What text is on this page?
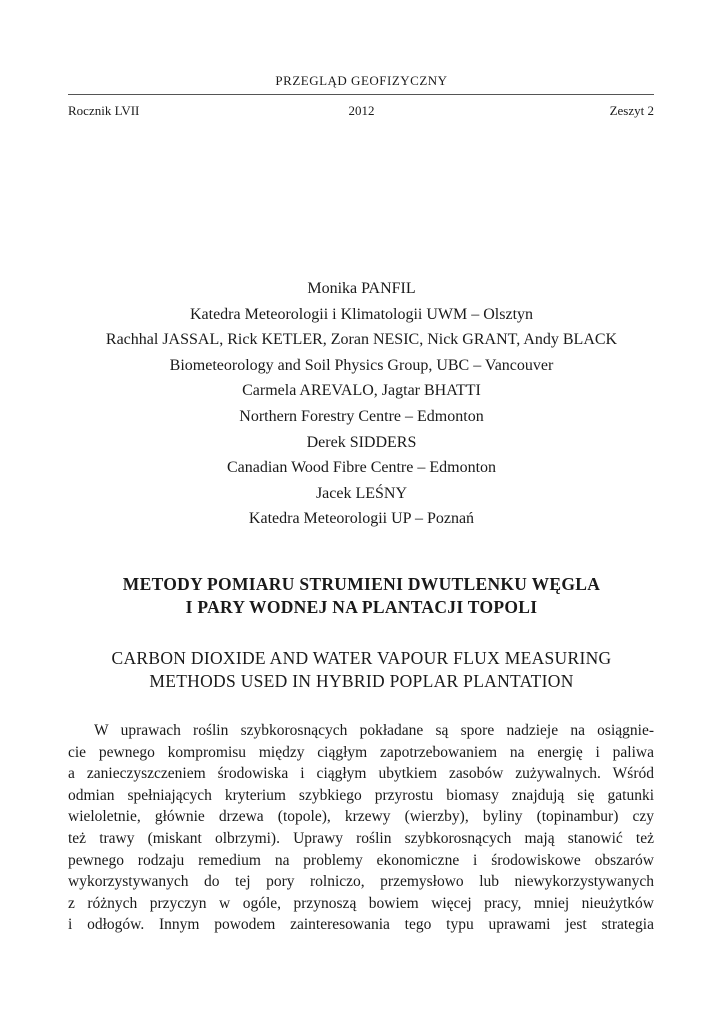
PRZEGLĄD GEOFIZYCZNY
Rocznik LVII	2012	Zeszyt 2
Monika PANFIL
Katedra Meteorologii i Klimatologii UWM – Olsztyn
Rachhal JASSAL, Rick KETLER, Zoran NESIC, Nick GRANT, Andy BLACK
Biometeorology and Soil Physics Group, UBC – Vancouver
Carmela AREVALO, Jagtar BHATTI
Northern Forestry Centre – Edmonton
Derek SIDDERS
Canadian Wood Fibre Centre – Edmonton
Jacek LEŚNY
Katedra Meteorologii UP – Poznań
METODY POMIARU STRUMIENI DWUTLENKU WĘGLA
I PARY WODNEJ NA PLANTACJI TOPOLI
CARBON DIOXIDE AND WATER VAPOUR FLUX MEASURING
METHODS USED IN HYBRID POPLAR PLANTATION
W uprawach roślin szybkorosnących pokładane są spore nadzieje na osiągnie-
cie pewnego kompromisu między ciągłym zapotrzebowaniem na energię i paliwa
a zanieczyszczeniem środowiska i ciągłym ubytkiem zasobów zużywalnych. Wśród
odmian spełniających kryterium szybkiego przyrostu biomasy znajdują się gatunki
wieloletnie, głównie drzewa (topole), krzewy (wierzby), byliny (topinambur) czy
też trawy (miskant olbrzymi). Uprawy roślin szybkorosnących mają stanowić też
pewnego rodzaju remedium na problemy ekonomiczne i środowiskowe obszarów
wykorzystywanych do tej pory rolniczo, przemysłowo lub niewykorzystywanych
z różnych przyczyn w ogóle, przynoszą bowiem więcej pracy, mniej nieużytków
i odłogów. Innym powodem zainteresowania tego typu uprawami jest strategia
